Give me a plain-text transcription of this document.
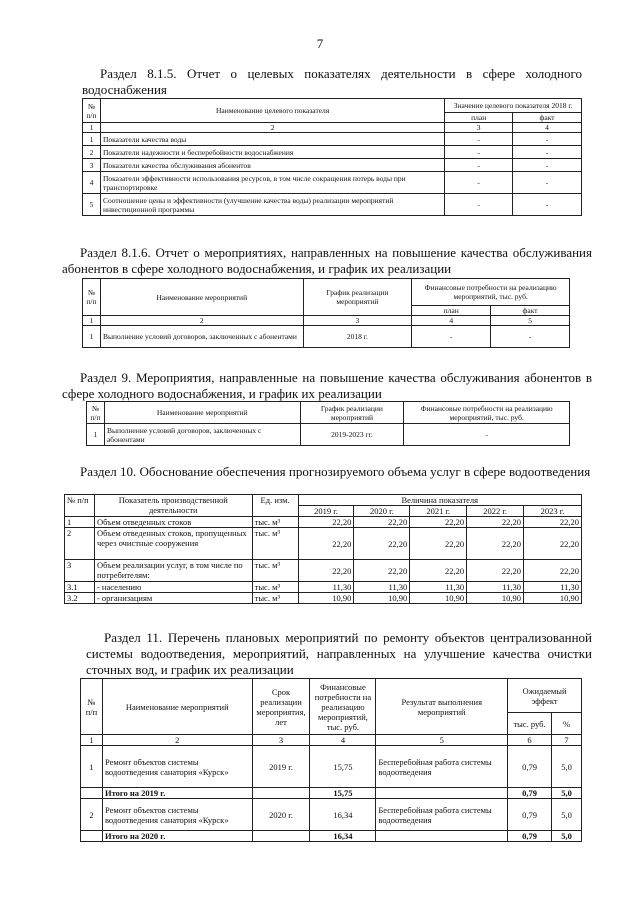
7
Раздел 8.1.5. Отчет о целевых показателях деятельности в сфере холодного водоснабжения
№ п/п	Наименование целевого показателя	Значение целевого показателя 2018 г.	
		план	факт
1	2	3	4
1	Показатели качества воды	-	-
2	Показатели надежности и бесперебойности водоснабжения	-	-
3	Показатели качества обслуживания абонентов	-	-
4	Показатели эффективности использования ресурсов, в том числе сокращения потерь воды при транспортировке	-	-
5	Соотношение цены и эффективности (улучшение качества воды) реализации мероприятий инвестиционной программы	-	-
Раздел 8.1.6. Отчет о мероприятиях, направленных на повышение качества обслуживания абонентов в сфере холодного водоснабжения, и график их реализации
№ п/п	Наименование мероприятий	График реализации мероприятий	Финансовые потребности на реализацию мероприятий, тыс. руб.	
			план	факт
1	2	3	4	5
1	Выполнение условий договоров, заключенных с абонентами	2018 г.	-	-
Раздел 9. Мероприятия, направленные на повышение качества обслуживания абонентов в сфере холодного водоснабжения, и график их реализации
№ п/п	Наименование мероприятий	График реализации мероприятий	Финансовые потребности на реализацию мероприятий, тыс. руб.
1	Выполнение условий договоров, заключенных с абонентами	2019-2023 гг.	-
Раздел 10. Обоснование обеспечения прогнозируемого объема услуг в сфере водоотведения
№ п/п	Показатель производственной деятельности	Ед. изм.	Величина показателя				
			2019 г.	2020 г.	2021 г.	2022 г.	2023 г.
1	Объем отведенных стоков	тыс. м³	22,20	22,20	22,20	22,20	22,20
2	Объем отведенных стоков, пропущенных через очистные сооружения	тыс. м³	22,20	22,20	22,20	22,20	22,20
3	Объем реализации услуг, в том числе по потребителям:	тыс. м³	22,20	22,20	22,20	22,20	22,20
3.1	- населению	тыс. м³	11,30	11,30	11,30	11,30	11,30
3.2	- организациям	тыс. м³	10,90	10,90	10,90	10,90	10,90
Раздел 11. Перечень плановых мероприятий по ремонту объектов централизованной системы водоотведения, мероприятий, направленных на улучшение качества очистки сточных вод, и график их реализации
№ п/п	Наименование мероприятий	Срок реализации мероприятия, лет	Финансовые потребности на реализацию мероприятий, тыс. руб.	Результат выполнения мероприятий	Ожидаемый эффект	
					тыс. руб.	%
1	2	3	4	5	6	7
1	Ремонт объектов системы водоотведения санатория «Курск»	2019 г.	15,75	Бесперебойная работа системы водоотведения	0,79	5,0
	Итого на 2019 г.		15,75		0,79	5,0
2	Ремонт объектов системы водоотведения санатория «Курск»	2020 г.	16,34	Бесперебойная работа системы водоотведения	0,79	5,0
	Итого на 2020 г.		16,34		0,79	5,0
